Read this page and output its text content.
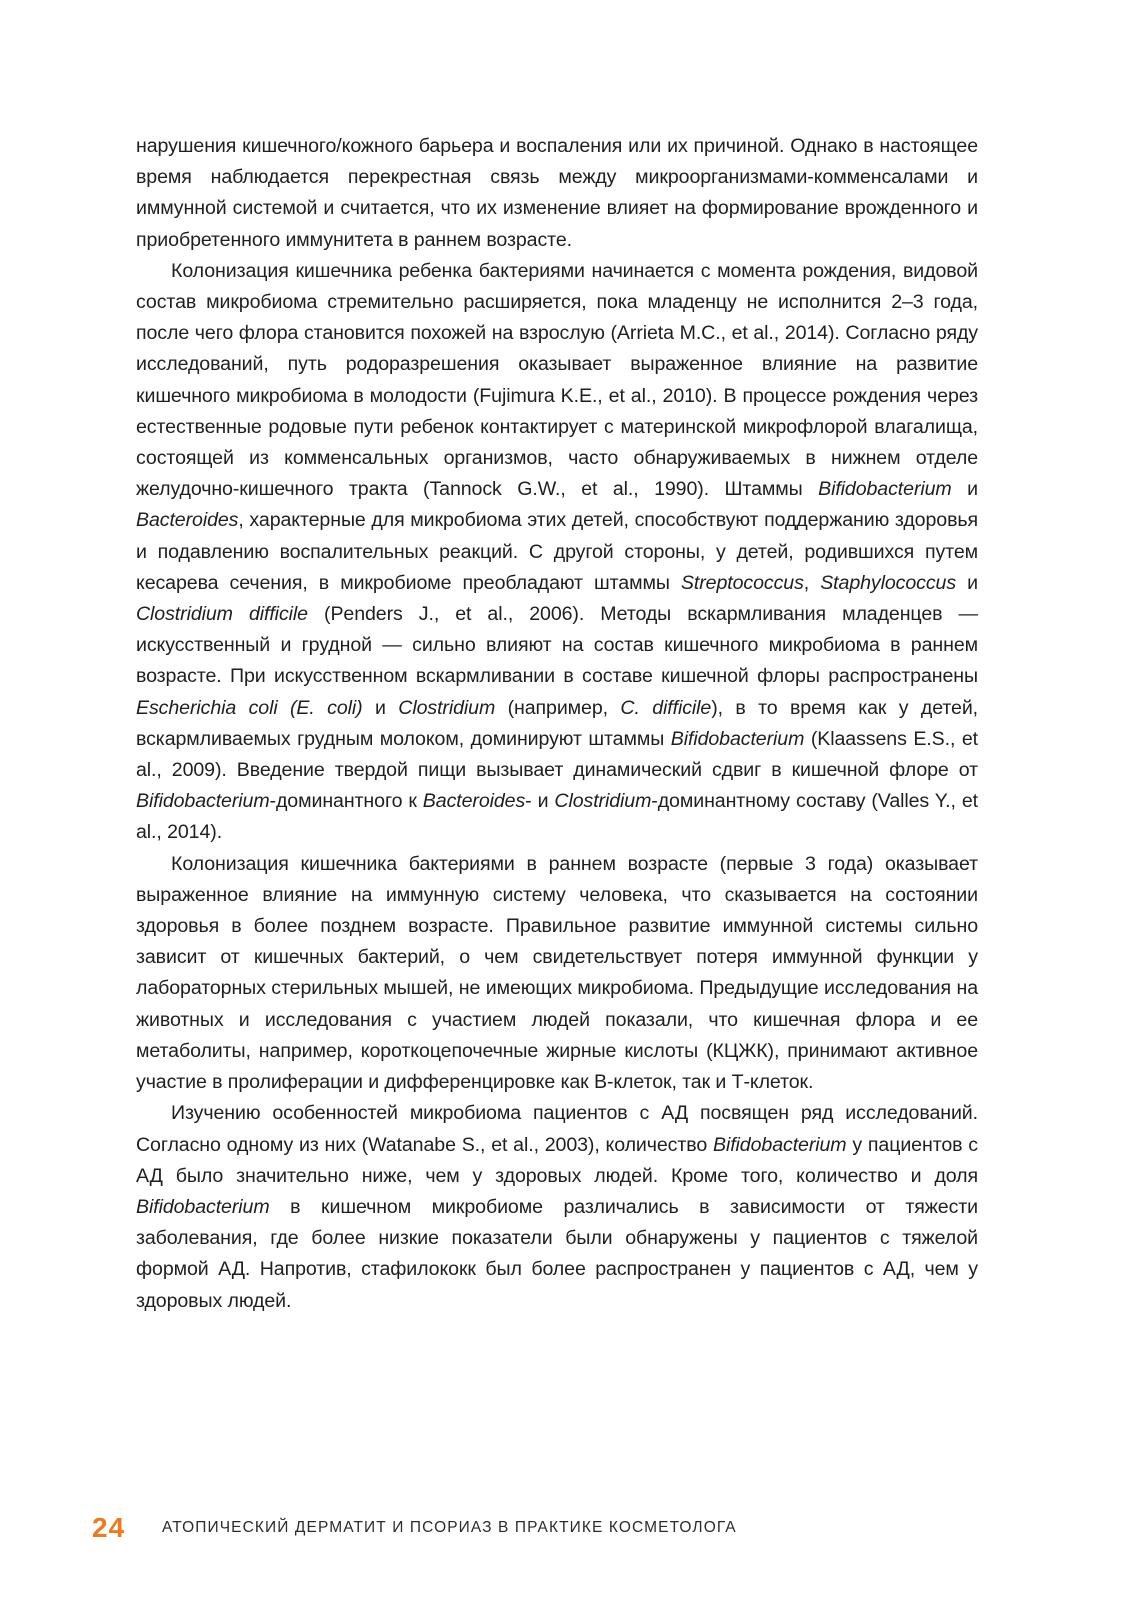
нарушения кишечного/кожного барьера и воспаления или их причиной. Однако в настоящее время наблюдается перекрестная связь между микроорганизмами-комменсалами и иммунной системой и считается, что их изменение влияет на формирование врожденного и приобретенного иммунитета в раннем возрасте.

Колонизация кишечника ребенка бактериями начинается с момента рождения, видовой состав микробиома стремительно расширяется, пока младенцу не исполнится 2–3 года, после чего флора становится похожей на взрослую (Arrieta M.C., et al., 2014). Согласно ряду исследований, путь родоразрешения оказывает выраженное влияние на развитие кишечного микробиома в молодости (Fujimura K.E., et al., 2010). В процессе рождения через естественные родовые пути ребенок контактирует с материнской микрофлорой влагалища, состоящей из комменсальных организмов, часто обнаруживаемых в нижнем отделе желудочно-кишечного тракта (Tannock G.W., et al., 1990). Штаммы Bifidobacterium и Bacteroides, характерные для микробиома этих детей, способствуют поддержанию здоровья и подавлению воспалительных реакций. С другой стороны, у детей, родившихся путем кесарева сечения, в микробиоме преобладают штаммы Streptococcus, Staphylococcus и Clostridium difficile (Penders J., et al., 2006). Методы вскармливания младенцев — искусственный и грудной — сильно влияют на состав кишечного микробиома в раннем возрасте. При искусственном вскармливании в составе кишечной флоры распространены Escherichia coli (E. coli) и Clostridium (например, C. difficile), в то время как у детей, вскармливаемых грудным молоком, доминируют штаммы Bifidobacterium (Klaassens E.S., et al., 2009). Введение твердой пищи вызывает динамический сдвиг в кишечной флоре от Bifidobacterium-доминантного к Bacteroides- и Clostridium-доминантному составу (Valles Y., et al., 2014).

Колонизация кишечника бактериями в раннем возрасте (первые 3 года) оказывает выраженное влияние на иммунную систему человека, что сказывается на состоянии здоровья в более позднем возрасте. Правильное развитие иммунной системы сильно зависит от кишечных бактерий, о чем свидетельствует потеря иммунной функции у лабораторных стерильных мышей, не имеющих микробиома. Предыдущие исследования на животных и исследования с участием людей показали, что кишечная флора и ее метаболиты, например, короткоцепочечные жирные кислоты (КЦЖК), принимают активное участие в пролиферации и дифференцировке как В-клеток, так и Т-клеток.

Изучению особенностей микробиома пациентов с АД посвящен ряд исследований. Согласно одному из них (Watanabe S., et al., 2003), количество Bifidobacterium у пациентов с АД было значительно ниже, чем у здоровых людей. Кроме того, количество и доля Bifidobacterium в кишечном микробиоме различались в зависимости от тяжести заболевания, где более низкие показатели были обнаружены у пациентов с тяжелой формой АД. Напротив, стафилококк был более распространен у пациентов с АД, чем у здоровых людей.

24 АТОПИЧЕСКИЙ ДЕРМАТИТ И ПСОРИАЗ В ПРАКТИКЕ КОСМЕТОЛОГА
